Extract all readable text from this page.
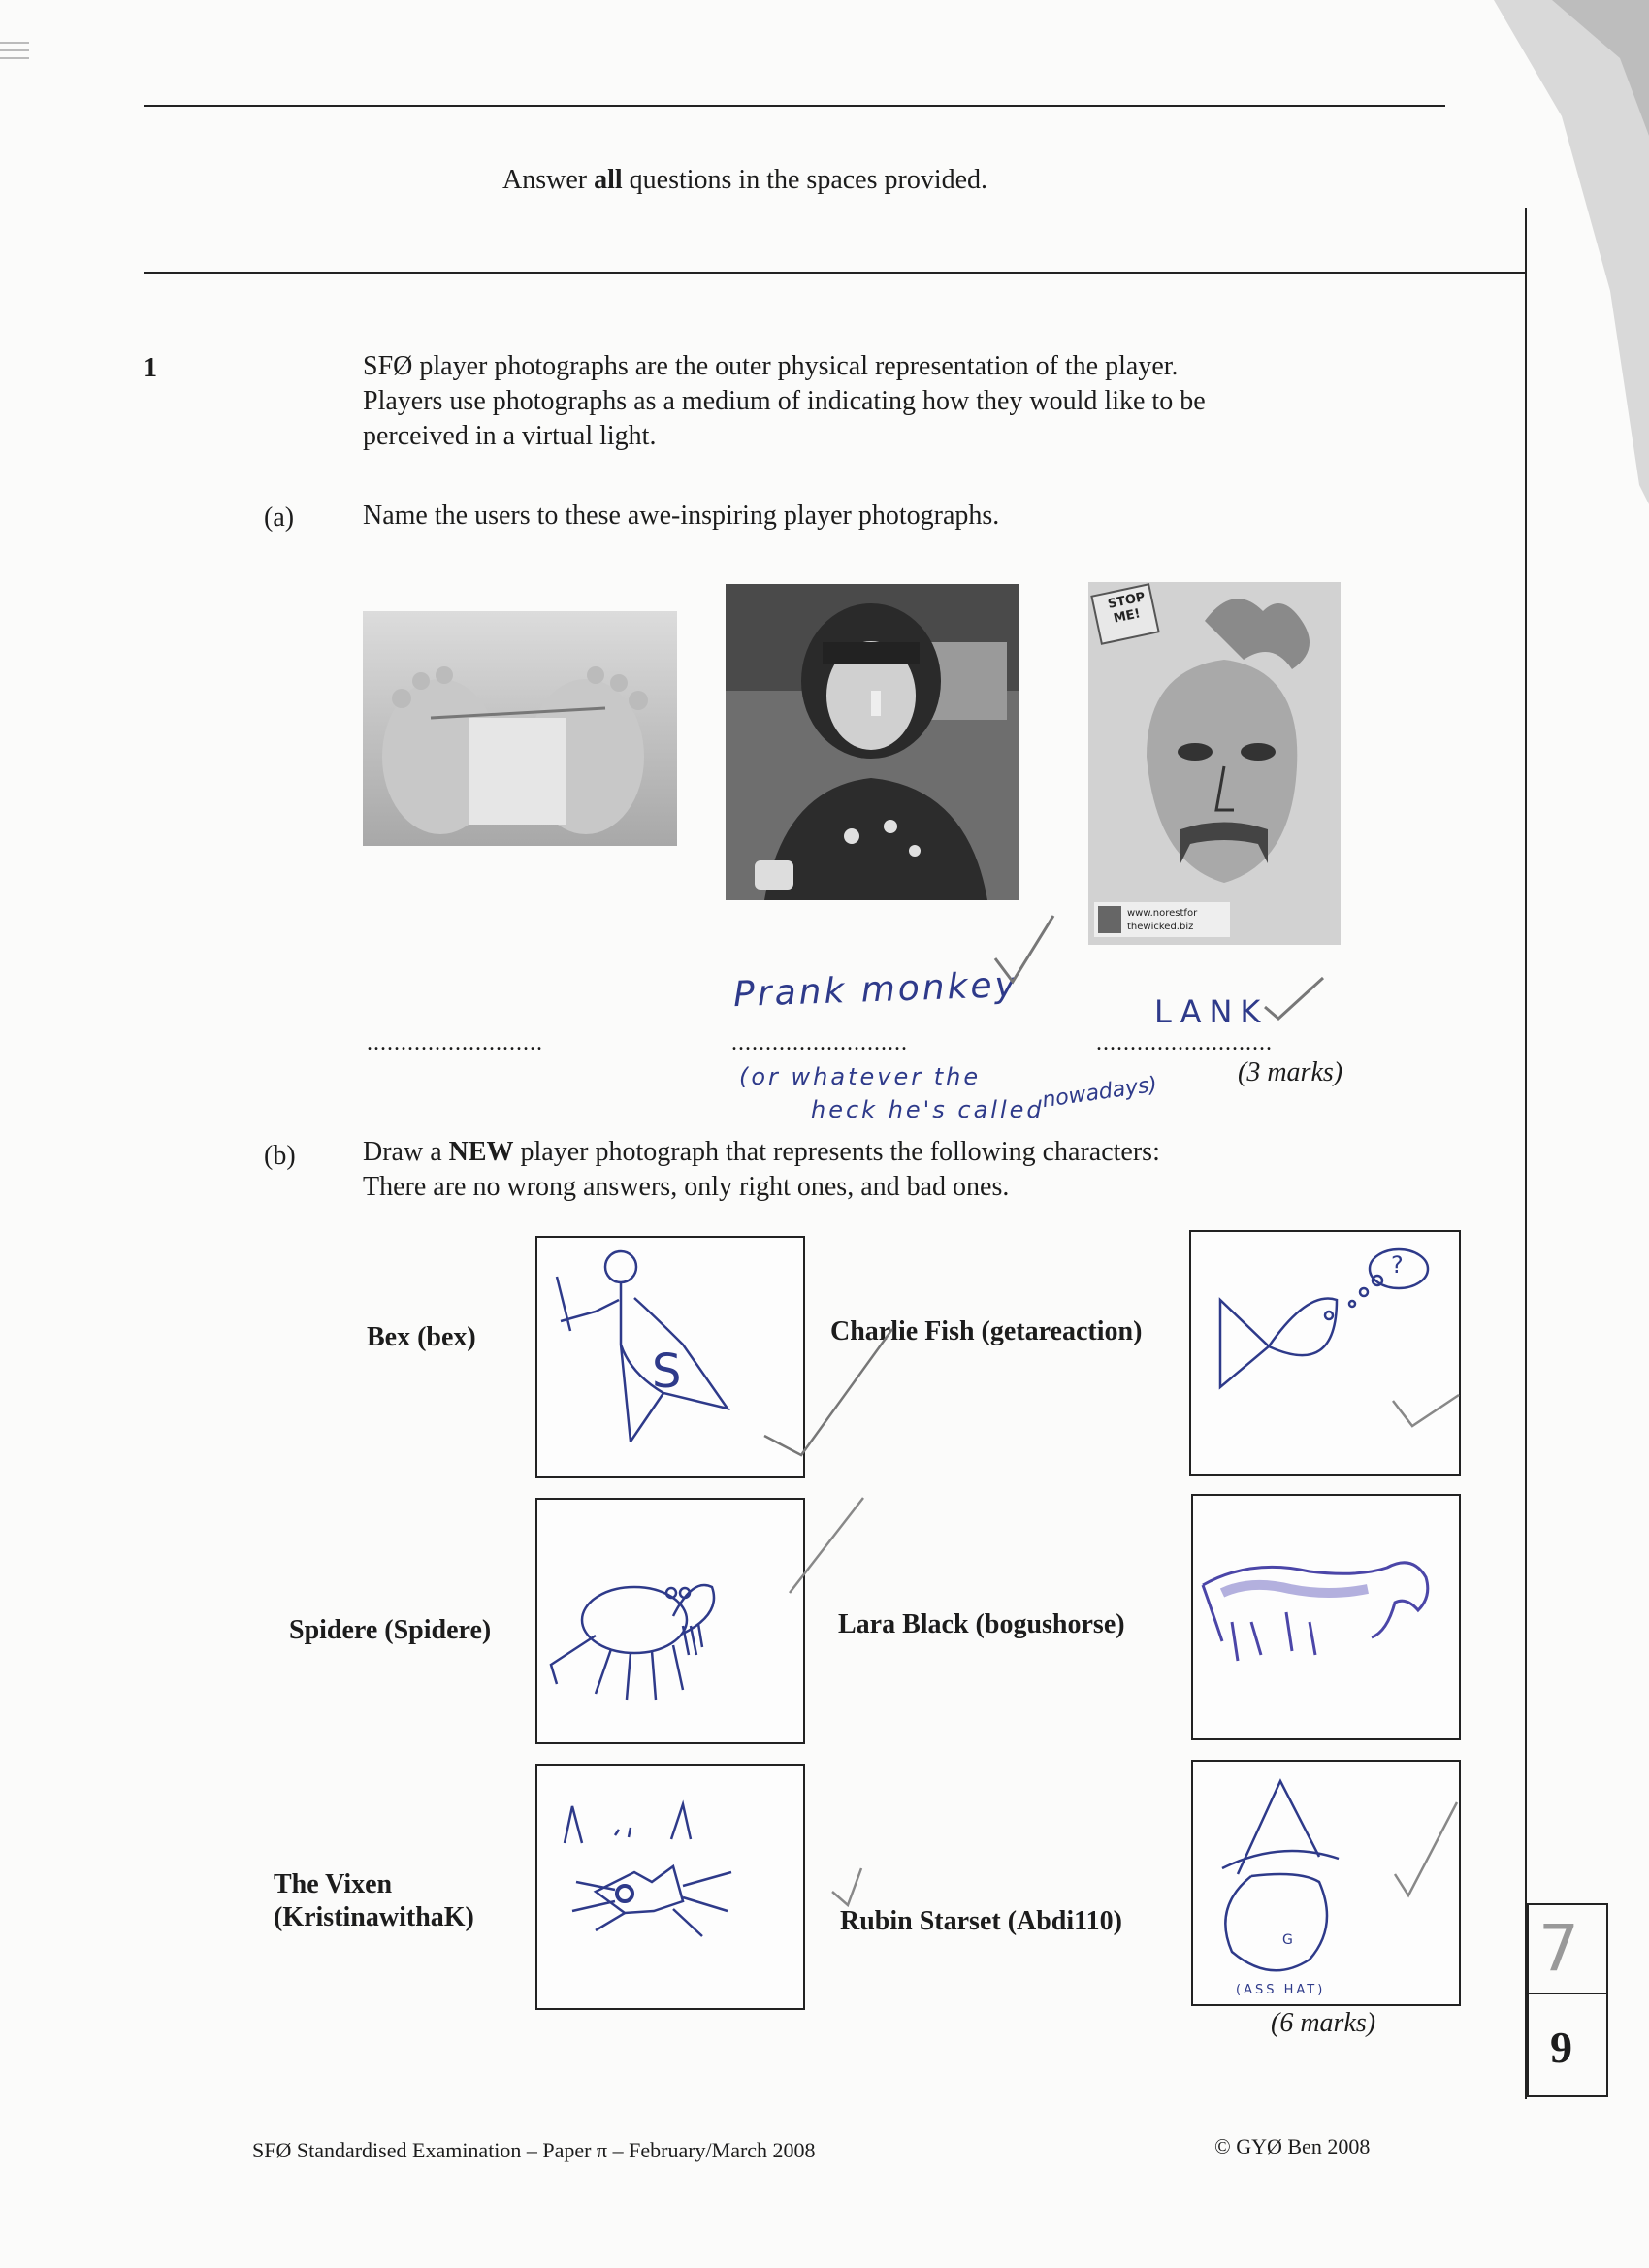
Answer all questions in the spaces provided.
1	SFØ player photographs are the outer physical representation of the player.
Players use photographs as a medium of indicating how they would like to be
perceived in a virtual light.
(a)	Name the users to these awe-inspiring player photographs.
STOP
ME!
www.norestfor
thewicked.biz
Prank monkey	LANK
..........................	..........................	..........................
(or whatever the
heck he's called
nowadays)
(3 marks)
(b) Draw a NEW player photograph that represents the following characters:
There are no wrong answers, only right ones, and bad ones.
Bex (bex)
S
Charlie Fish (getareaction)
?
Spidere (Spidere)	Lara Black (bogushorse)
The Vixen
(KristinawithaK)	Rubin Starset (Abdi110)
G
(ASS HAT)
(6 marks)
7
9
SFØ Standardised Examination – Paper π – February/March 2008	© GYØ Ben 2008
